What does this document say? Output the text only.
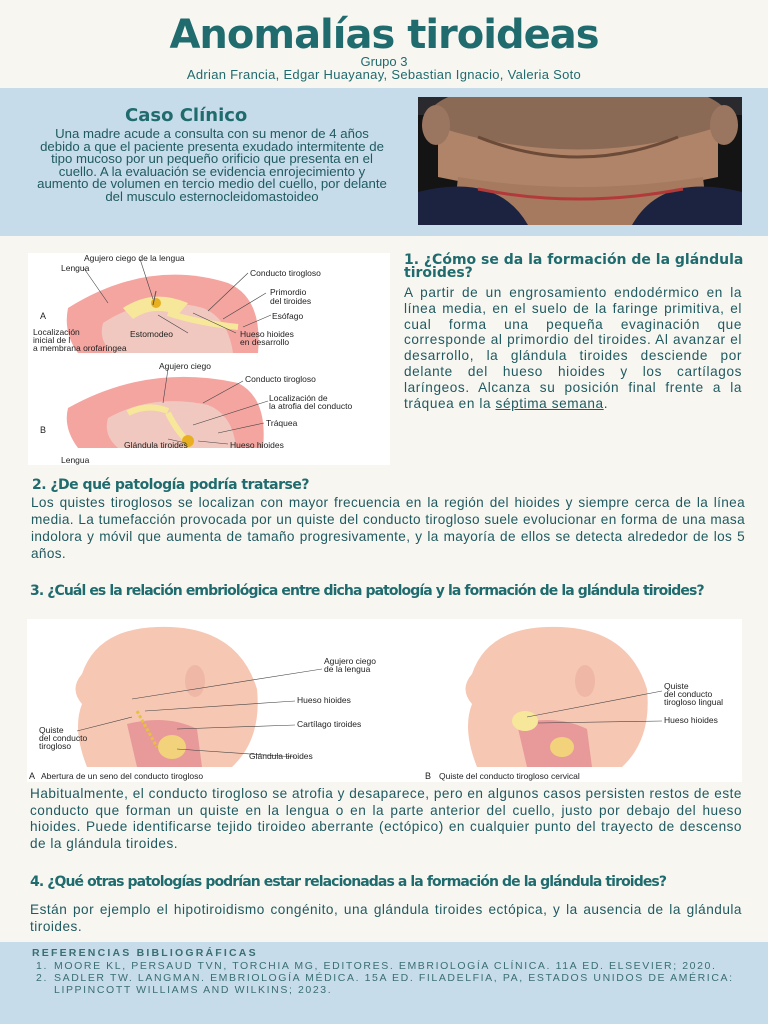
Anomalías tiroideas
Grupo 3
Adrian Francia, Edgar Huayanay, Sebastian Ignacio, Valeria Soto
Caso Clínico
Una madre acude a consulta con su menor de 4 años debido a que el paciente presenta exudado intermitente de tipo mucoso por un pequeño orificio que presenta en el cuello. A la evaluación se evidencia enrojecimiento y aumento de volumen en tercio medio del cuello, por delante del musculo esternocleidomastoideo
Agujero ciego de la lengua
Lengua	Conducto tirogloso
Primordio del tiroides
Esófago
A
Localización inicial de l a membrana orofaríngea
Estomodeo	Hueso hioides en desarrollo
Agujero ciego
Conducto tirogloso
Localización de la atrofia del conducto
Tráquea
B
Glándula tiroides	Hueso hioides
Lengua
1. ¿Cómo se da la formación de la glándula tiroides?
A partir de un engrosamiento endodérmico en la línea media, en el suelo de la faringe primitiva, el cual forma una pequeña evaginación que corresponde al primordio del tiroides. Al avanzar el desarrollo, la glándula tiroides desciende por delante del hueso hioides y los cartílagos laríngeos. Alcanza su posición final frente a la tráquea en la séptima semana.
2. ¿De qué patología podría tratarse?
Los quistes tiroglosos se localizan con mayor frecuencia en la región del hioides y siempre cerca de la línea media. La tumefacción provocada por un quiste del conducto tirogloso suele evolucionar en forma de una masa indolora y móvil que aumenta de tamaño progresivamente, y la mayoría de ellos se detecta alrededor de los 5 años.
3. ¿Cuál es la relación embriológica entre dicha patología y la formación de la glándula tiroides?
Agujero ciego de la lengua
Hueso hioides
Cartílago tiroides
Quiste del conducto tirogloso
Glándula tiroides
Quiste del conducto tirogloso lingual
Hueso hioides
A Abertura de un seno del conducto tirogloso	B Quiste del conducto tirogloso cervical
Habitualmente, el conducto tirogloso se atrofia y desaparece, pero en algunos casos persisten restos de este conducto que forman un quiste en la lengua o en la parte anterior del cuello, justo por debajo del hueso hioides. Puede identificarse tejido tiroideo aberrante (ectópico) en cualquier punto del trayecto de descenso de la glándula tiroides.
4. ¿Qué otras patologías podrían estar relacionadas a la formación de la glándula tiroides?
Están por ejemplo el hipotiroidismo congénito, una glándula tiroides ectópica, y la ausencia de la glándula tiroides.
REFERENCIAS BIBLIOGRÁFICAS
1. MOORE KL, PERSAUD TVN, TORCHIA MG, EDITORES. EMBRIOLOGÍA CLÍNICA. 11A ED. ELSEVIER; 2020.
2. SADLER TW. LANGMAN. EMBRIOLOGÍA MÉDICA. 15A ED. FILADELFIA, PA, ESTADOS UNIDOS DE AMÉRICA: LIPPINCOTT WILLIAMS AND WILKINS; 2023.
